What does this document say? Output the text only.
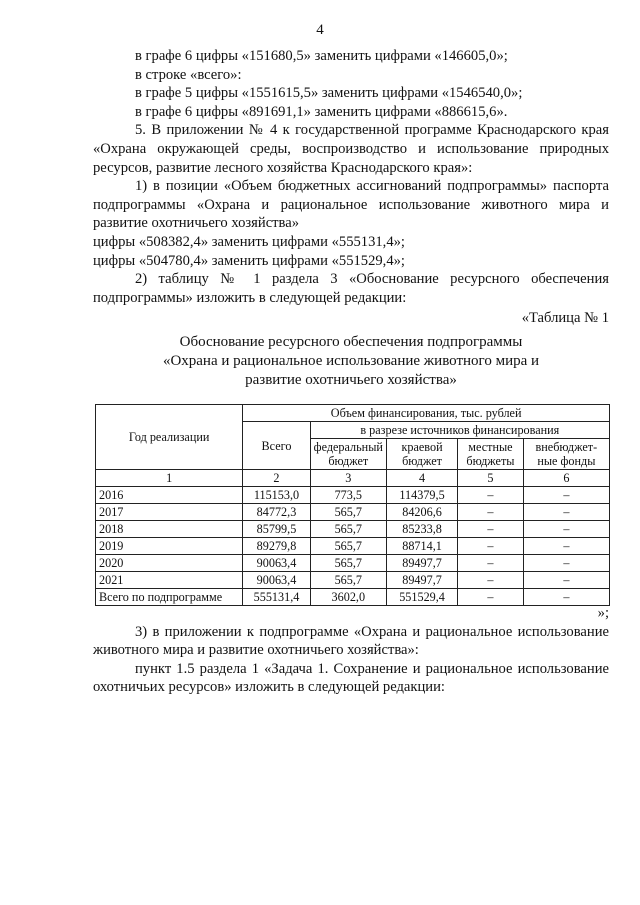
4

в графе 6 цифры «151680,5» заменить цифрами «146605,0»;

в строке «всего»:

в графе 5 цифры «1551615,5» заменить цифрами «1546540,0»;

в графе 6 цифры «891691,1» заменить цифрами «886615,6».

5. В приложении № 4 к государственной программе Краснодарского края «Охрана окружающей среды, воспроизводство и использование природных ресурсов, развитие лесного хозяйства Краснодарского края»:

1) в позиции «Объем бюджетных ассигнований подпрограммы» паспорта подпрограммы «Охрана и рациональное использование животного мира и развитие охотничьего хозяйства»

цифры «508382,4» заменить цифрами «555131,4»;

цифры «504780,4» заменить цифрами «551529,4»;

2) таблицу № 1 раздела 3 «Обоснование ресурсного обеспечения подпрограммы» изложить в следующей редакции:

«Таблица № 1

Обоснование ресурсного обеспечения подпрограммы
«Охрана и рациональное использование животного мира и
развитие охотничьего хозяйства»
Год реализации	Объем финансирования, тыс. рублей				
	Всего	в разрезе источников финансирования			
		федеральный бюджет	краевой бюджет	местные бюджеты	внебюджет-ные фонды
1	2	3	4	5	6
2016	115153,0	773,5	114379,5	–	–
2017	84772,3	565,7	84206,6	–	–
2018	85799,5	565,7	85233,8	–	–
2019	89279,8	565,7	88714,1	–	–
2020	90063,4	565,7	89497,7	–	–
2021	90063,4	565,7	89497,7	–	–
Всего по подпрограмме	555131,4	3602,0	551529,4	–	–

»;

3) в приложении к подпрограмме «Охрана и рациональное использование животного мира и развитие охотничьего хозяйства»:

пункт 1.5 раздела 1 «Задача 1. Сохранение и рациональное использование охотничьих ресурсов» изложить в следующей редакции:
